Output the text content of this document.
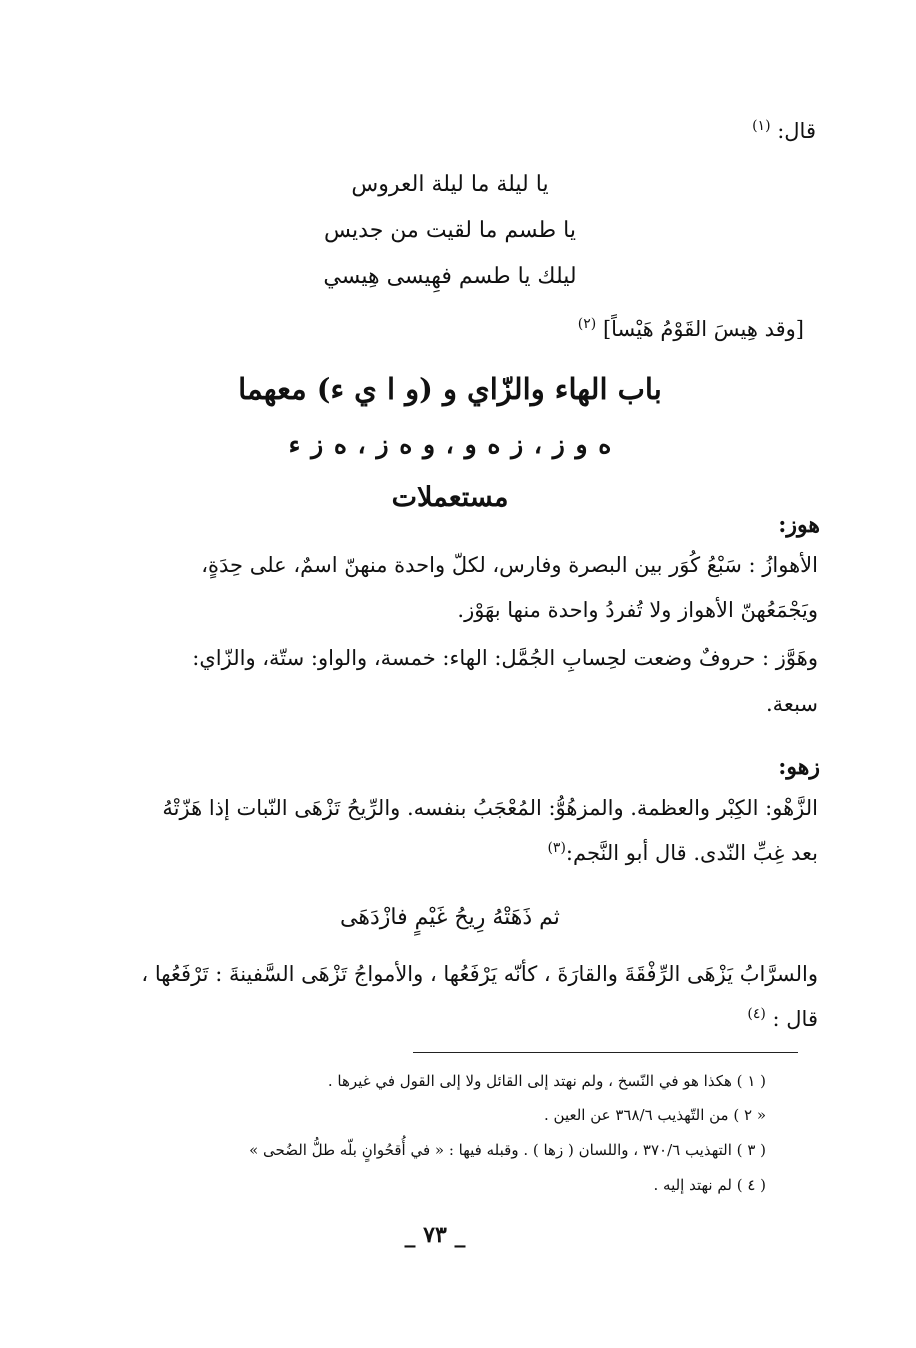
قال: $^{(١)}$
يا ليلة ما ليلة العروس
يا طسم ما لقيت من جديس
ليلك يا طسم فهِيسى هِيسي
[وقد هِيسَ القَوْمُ هَيْساً] $^{(٢)}$
باب الهاء والزّاي و (و ا ي ء) معهما
ه و ز ، ز ه و ، و ه ز ، ه ز ء
مستعملات
هوز:
الأهوازُ : سَبْعُ كُوَر بين البصرة وفارس، لكلّ واحدة منهنّ اسمٌ، على حِدَةٍ،
ويَجْمَعُهنّ الأهواز ولا تُفردُ واحدة منها بهَوْز.
وهَوَّز : حروفٌ وضعت لحِسابِ الجُمَّل: الهاء: خمسة، والواو: ستّة، والزّاي:
سبعة.
زهو:
الزَّهْو: الكِبْر والعظمة. والمزهُوُّ: المُعْجَبُ بنفسه. والرِّيحُ تَزْهَى النّبات إذا هَزّتْهُ
بعد غِبِّ النّدى. قال أبو النَّجم:$^{(٣)}$
ثم ذَهَتْهُ رِيحُ غَيْمٍ فازْدَهَى
والسرَّابُ يَزْهَى الرِّفْقَةَ والقارَةَ ، كأنّه يَرْفَعُها ، والأمواجُ تَزْهَى السَّفينةَ : تَرْفَعُها ،
قال : $^{(٤)}$
( ١ ) هكذا هو في النّسخ ، ولم نهتد إلى القائل ولا إلى القول في غيرها .
« ٢ ) من التّهذيب ٣٦٨/٦ عن العين .
( ٣ ) التهذيب ٣٧٠/٦ ، واللسان ( زها ) . وقبله فيها : « في أُقحُوانٍ بلّه طلُّ الضُحى »
( ٤ ) لم نهتد إليه .
_ ٧٣ _
